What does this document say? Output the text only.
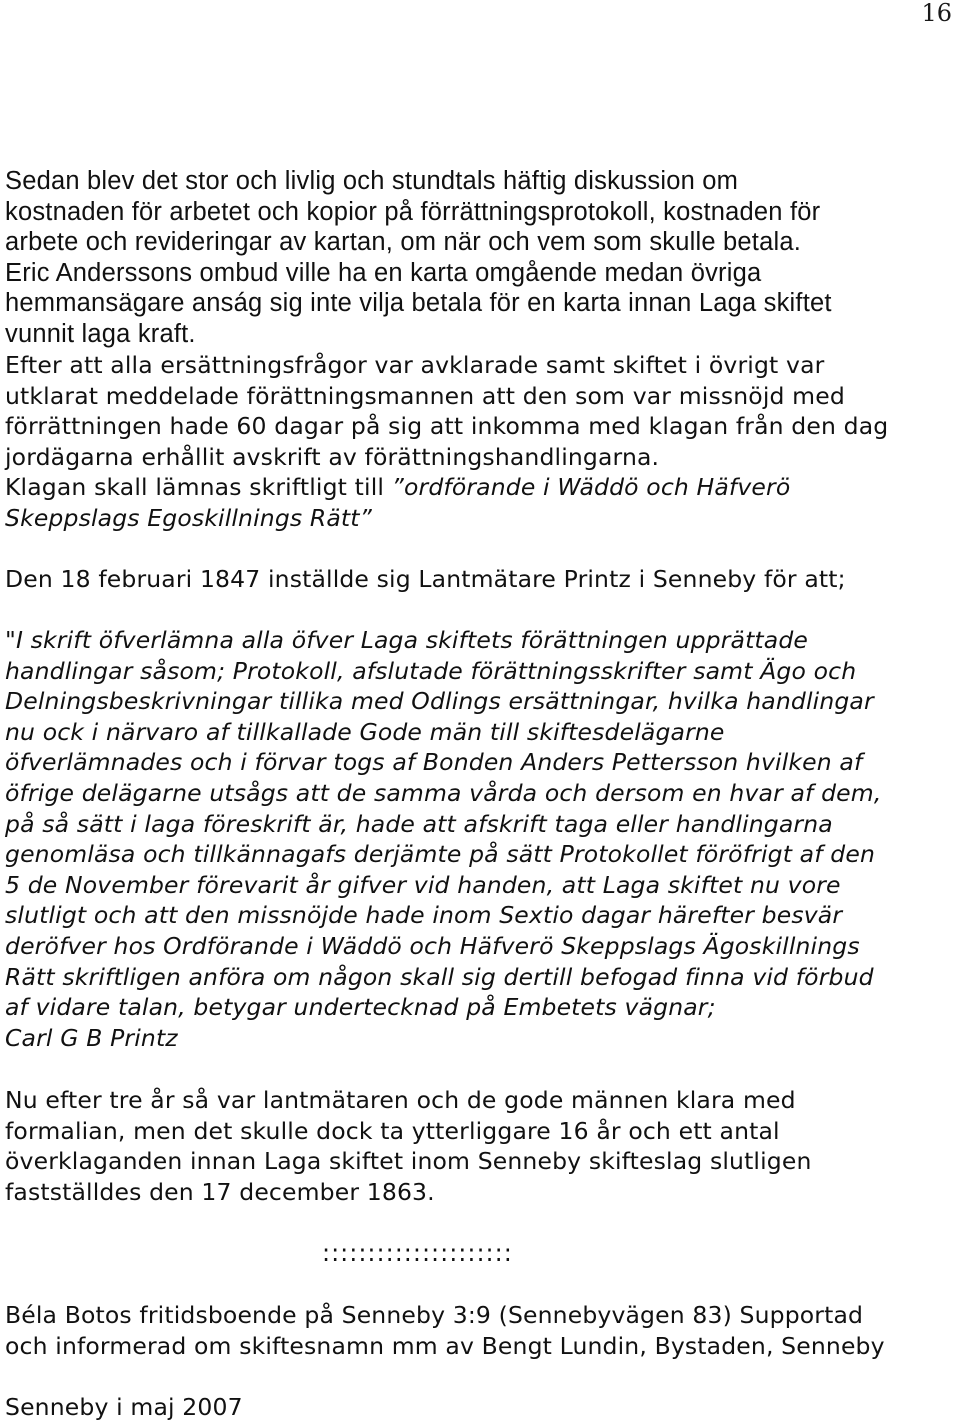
16
Sedan blev det stor och livlig och stundtals häftig diskussion om
kostnaden för arbetet och kopior på förrättningsprotokoll, kostnaden för
arbete och revideringar av kartan, om när och vem som skulle betala.
Eric Anderssons ombud ville ha en karta omgående medan övriga
hemmansägare anság sig inte vilja betala för en karta innan Laga skiftet
vunnit laga kraft.
Efter att alla ersättningsfrågor var avklarade samt skiftet i övrigt var
utklarat meddelade förättningsmannen att den som var missnöjd med
förrättningen hade 60 dagar på sig att inkomma med klagan från den dag
jordägarna erhållit avskrift av förättningshandlingarna.
Klagan skall lämnas skriftligt till ”ordförande i Wäddö och Häfverö
Skeppslags Egoskillnings Rätt”
Den 18 februari 1847 inställde sig Lantmätare Printz i Senneby för att;
"I skrift öfverlämna alla öfver Laga skiftets förättningen upprättade
handlingar såsom; Protokoll, afslutade förättningsskrifter samt Ägo och
Delningsbeskrivningar tillika med Odlings ersättningar, hvilka handlingar
nu ock i närvaro af tillkallade Gode män till skiftesdelägarne
öfverlämnades och i förvar togs af Bonden Anders Pettersson hvilken af
öfrige delägarne utsågs att de samma vårda och dersom en hvar af dem,
på så sätt i laga föreskrift är, hade att afskrift taga eller handlingarna
genomläsa och tillkännagafs derjämte på sätt Protokollet föröfrigt af den
5 de November förevarit år gifver vid handen, att Laga skiftet nu vore
slutligt och att den missnöjde hade inom Sextio dagar härefter besvär
deröfver hos Ordförande i Wäddö och Häfverö Skeppslags Ägoskillnings
Rätt skriftligen anföra om någon skall sig dertill befogad finna vid förbud
af vidare talan, betygar undertecknad på Embetets vägnar;
Carl G B Printz
Nu efter tre år så var lantmätaren och de gode männen klara med
formalian, men det skulle dock ta ytterliggare 16 år och ett antal
överklaganden innan Laga skiftet inom Senneby skifteslag slutligen
fastställdes den 17 december 1863.
:::::::::::::::::::::
Béla Botos fritidsboende på Senneby 3:9 (Sennebyvägen 83) Supportad
och informerad om skiftesnamn mm av Bengt Lundin, Bystaden, Senneby
Senneby i maj 2007
